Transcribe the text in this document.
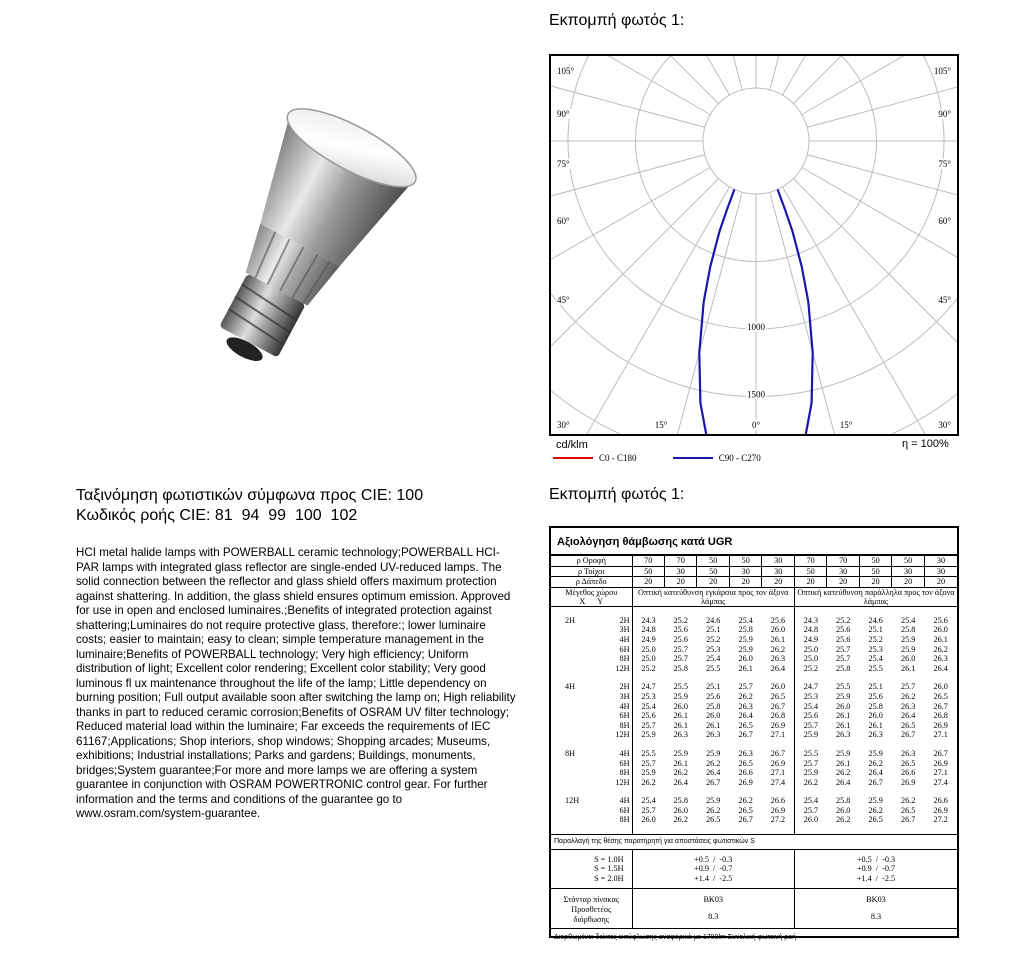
Εκπομπή φωτός 1:
105°
90°
75°
60°
45°
105°
90°
75°
60°
45°
30°	15°	0°	15°	30°
1000
1500
cd/klm	η = 100%
C0 - C180	C90 - C270
Ταξινόμηση φωτιστικών σύμφωνα προς CIE: 100
Κωδικός ροής CIE: 81  94  99  100  102
HCI metal halide lamps with POWERBALL ceramic technology;POWERBALL HCI-PAR lamps with integrated glass reflector are single-ended UV-reduced lamps. The solid connection between the reflector and glass shield offers maximum protection against shattering. In addition, the glass shield ensures optimum emission. Approved for use in open and enclosed luminaires.;Benefits of integrated protection against shattering;Luminaires do not require protective glass, therefore:; lower luminaire costs; easier to maintain; easy to clean; simple temperature management in the luminaire;Benefits of POWERBALL technology; Very high efficiency; Uniform distribution of light; Excellent color rendering; Excellent color stability; Very good luminous fl ux maintenance throughout the life of the lamp; Little dependency on burning position; Full output available soon after switching the lamp on; High reliability thanks in part to reduced ceramic corrosion;Benefits of OSRAM UV filter technology; Reduced material load within the luminaire; Far exceeds the requirements of IEC 61167;Applications; Shop interiors, shop windows; Shopping arcades; Museums, exhibitions; Industrial installations; Parks and gardens; Buildings, monuments, bridges;System guarantee;For more and more lamps we are offering a system guarantee in conjunction with OSRAM POWERTRONIC control gear. For further information and the terms and conditions of the guarantee go to www.osram.com/system-guarantee.
Εκπομπή φωτός 1:
Αξιολόγηση θάμβωσης κατά UGR
ρ Οροφή		70	70	50	50	30	70	70	50	50	30
ρ Τοίχοι		50	30	50	30	30	50	30	50	30	30
ρ Δάπεδο		20	20	20	20	20	20	20	20	20	20

Μέγεθος χώρου
X      Y		Οπτική κατεύθυνση εγκάρσια προς τον άξονα λάμπας					Οπτική κατεύθυνση παράλληλα προς τον άξονα λάμπας				

2H	2H	24.3	25.2	24.6	25.4	25.6	24.3	25.2	24.6	25.4	25.6
	3H	24.8	25.6	25.1	25.8	26.0	24.8	25.6	25.1	25.8	26.0
	4H	24.9	25.6	25.2	25.9	26.1	24.9	25.6	25.2	25.9	26.1
	6H	25.0	25.7	25.3	25.9	26.2	25.0	25.7	25.3	25.9	26.2
	8H	25.0	25.7	25.4	26.0	26.3	25.0	25.7	25.4	26.0	26.3
	12H	25.2	25.8	25.5	26.1	26.4	25.2	25.8	25.5	26.1	26.4

4H	2H	24.7	25.5	25.1	25.7	26.0	24.7	25.5	25.1	25.7	26.0
	3H	25.3	25.9	25.6	26.2	26.5	25.3	25.9	25.6	26.2	26.5
	4H	25.4	26.0	25.8	26.3	26.7	25.4	26.0	25.8	26.3	26.7
	6H	25.6	26.1	26.0	26.4	26.8	25.6	26.1	26.0	26.4	26.8
	8H	25.7	26.1	26.1	26.5	26.9	25.7	26.1	26.1	26.5	26.9
	12H	25.9	26.3	26.3	26.7	27.1	25.9	26.3	26.3	26.7	27.1

8H	4H	25.5	25.9	25.9	26.3	26.7	25.5	25.9	25.9	26.3	26.7
	6H	25.7	26.1	26.2	26.5	26.9	25.7	26.1	26.2	26.5	26.9
	8H	25.9	26.2	26.4	26.6	27.1	25.9	26.2	26.4	26.6	27.1
	12H	26.2	26.4	26.7	26.9	27.4	26.2	26.4	26.7	26.9	27.4

12H	4H	25.4	25.8	25.9	26.2	26.6	25.4	25.8	25.9	26.2	26.6
	6H	25.7	26.0	26.2	26.5	26.9	25.7	26.0	26.2	26.5	26.9
	8H	26.0	26.2	26.5	26.7	27.2	26.0	26.2	26.5	26.7	27.2

Παραλλαγή της θέσης παρατηρητή για αποστάσεις φωτιστικών S		
S = 1.0H	+0.5  /  -0.3	+0.5  /  -0.3
S = 1.5H	+0.9  /  -0.7	+0.9  /  -0.7
S = 2.0H	+1.4  /  -2.5	+1.4  /  -2.5
Στάνταρ πίνακας	BK03	BK03
Προσθετέος διόρθωσης	8.3	8.3
Διορθωμένοι δείκτες εκτύφλωσης αναφορικά με 1700lm Συνολική φωτεινή ροή		
